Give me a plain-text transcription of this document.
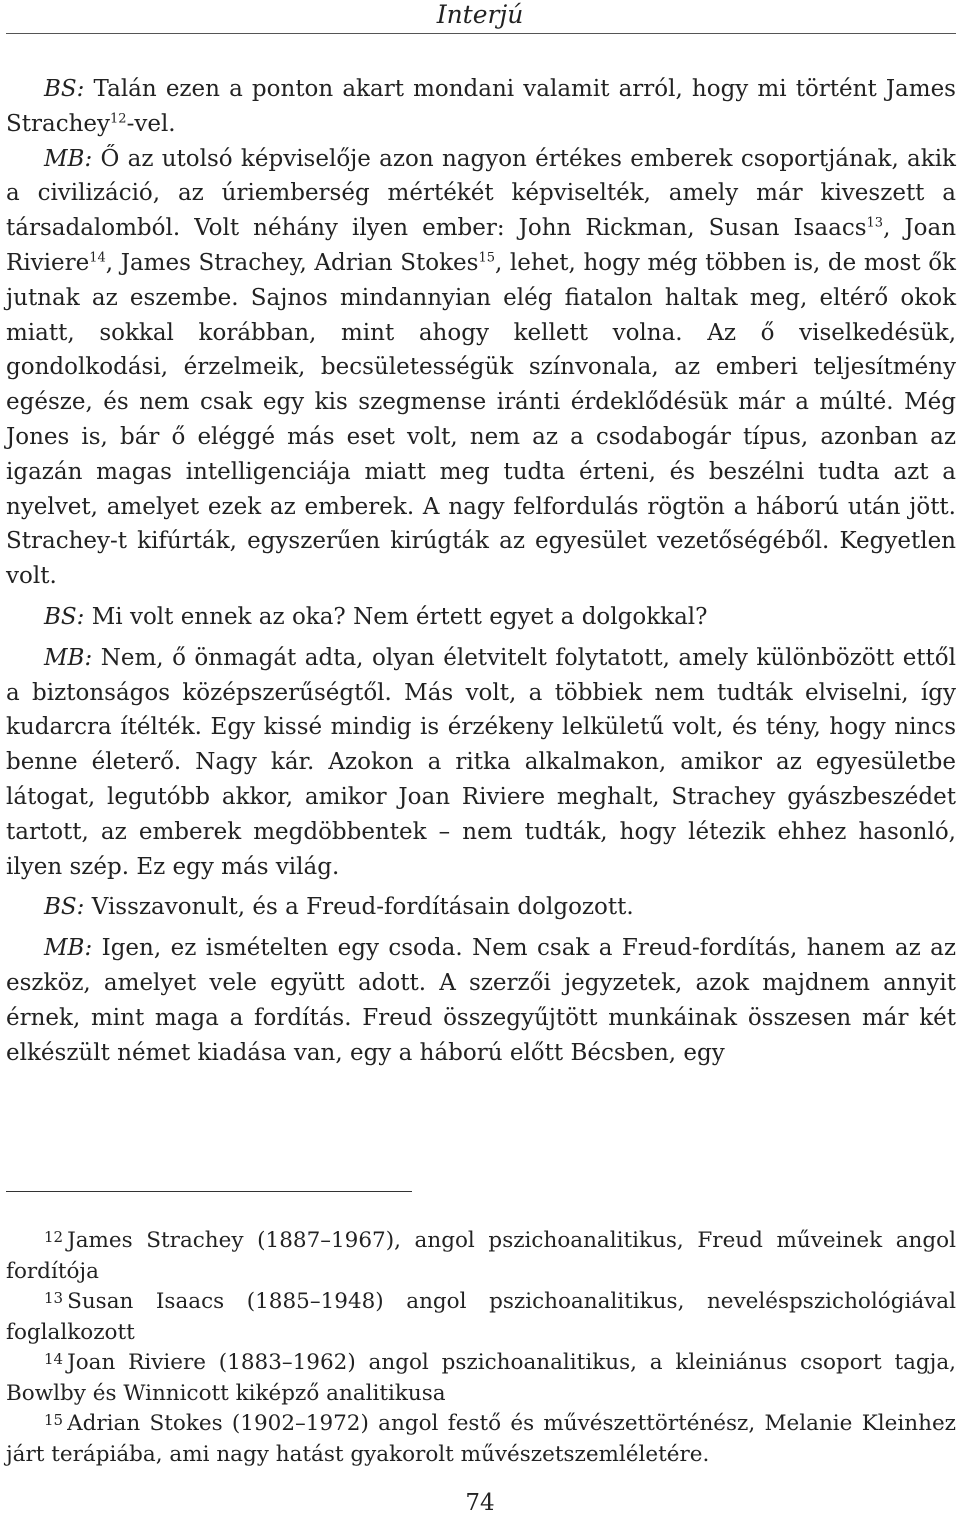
Interjú

BS: Talán ezen a ponton akart mondani valamit arról, hogy mi történt James Strachey$^{12}$-vel.

MB: Ő az utolsó képviselője azon nagyon értékes emberek csoportjának, akik a civilizáció, az úriemberség mértékét képviselték, amely már kiveszett a társadalomból. Volt néhány ilyen ember: John Rickman, Susan Isaacs$^{13}$, Joan Riviere$^{14}$, James Strachey, Adrian Stokes$^{15}$, lehet, hogy még többen is, de most ők jutnak az eszembe. Sajnos mindannyian elég fiatalon haltak meg, eltérő okok miatt, sokkal korábban, mint ahogy kellett volna. Az ő viselkedésük, gondolkodási, érzelmeik, becsületességük színvonala, az emberi teljesítmény egésze, és nem csak egy kis szegmense iránti érdeklődésük már a múlté. Még Jones is, bár ő eléggé más eset volt, nem az a csodabogár típus, azonban az igazán magas intelligenciája miatt meg tudta érteni, és beszélni tudta azt a nyelvet, amelyet ezek az emberek. A nagy felfordulás rögtön a háború után jött. Strachey-t kifúrták, egyszerűen kirúgták az egyesület vezetőségéből. Kegyetlen volt.

BS: Mi volt ennek az oka? Nem értett egyet a dolgokkal?

MB: Nem, ő önmagát adta, olyan életvitelt folytatott, amely különbözött ettől a biztonságos középszerűségtől. Más volt, a többiek nem tudták elviselni, így kudarcra ítélték. Egy kissé mindig is érzékeny lelkületű volt, és tény, hogy nincs benne életerő. Nagy kár. Azokon a ritka alkalmakon, amikor az egyesületbe látogat, legutóbb akkor, amikor Joan Riviere meghalt, Strachey gyászbeszédet tartott, az emberek megdöbbentek – nem tudták, hogy létezik ehhez hasonló, ilyen szép. Ez egy más világ.

BS: Visszavonult, és a Freud-fordításain dolgozott.

MB: Igen, ez ismételten egy csoda. Nem csak a Freud-fordítás, hanem az az eszköz, amelyet vele együtt adott. A szerzői jegyzetek, azok majdnem annyit érnek, mint maga a fordítás. Freud összegyűjtött munkáinak összesen már két elkészült német kiadása van, egy a háború előtt Bécsben, egy

$^{12}$ James Strachey (1887–1967), angol pszichoanalitikus, Freud műveinek angol fordítója

$^{13}$ Susan Isaacs (1885–1948) angol pszichoanalitikus, neveléspszichológiával foglalkozott

$^{14}$ Joan Riviere (1883–1962) angol pszichoanalitikus, a kleiniánus csoport tagja, Bowlby és Winnicott kiképző analitikusa

$^{15}$ Adrian Stokes (1902–1972) angol festő és művészettörténész, Melanie Kleinhez járt terápiába, ami nagy hatást gyakorolt művészetszemléletére.

74
